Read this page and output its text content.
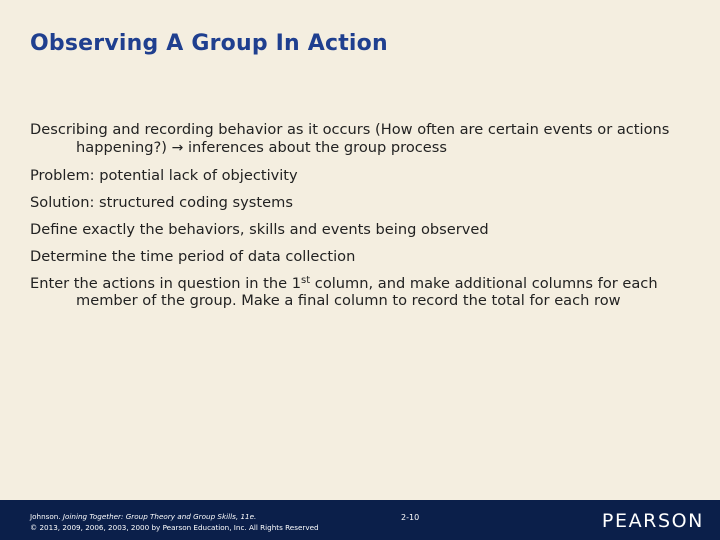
Observing A Group In Action

Describing and recording behavior as it occurs (How often are certain events or actions happening?) → inferences about the group process

Problem: potential lack of objectivity

Solution: structured coding systems

Define exactly the behaviors, skills and events being observed

Determine the time period of data collection

Enter the actions in question in the 1st column, and make additional columns for each member of the group. Make a final column to record the total for each row

Johnson. Joining Together: Group Theory and Group Skills, 11e.
© 2013, 2009, 2006, 2003, 2000 by Pearson Education, Inc. All Rights Reserved
2-10	PEARSON
